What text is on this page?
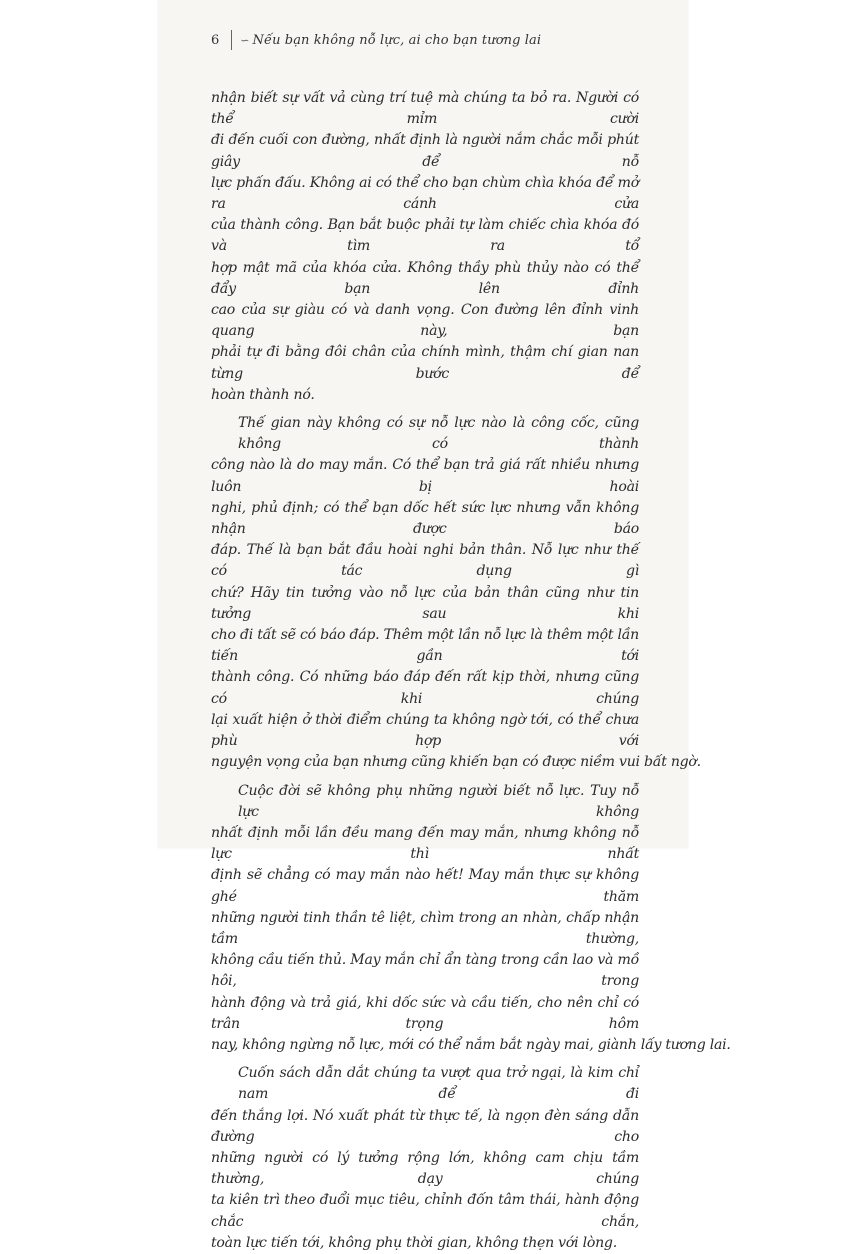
6 ∽ Nếu bạn không nỗ lực, ai cho bạn tương lai

nhận biết sự vất vả cùng trí tuệ mà chúng ta bỏ ra. Người có thể mỉm cười
đi đến cuối con đường, nhất định là người nắm chắc mỗi phút giây để nỗ
lực phấn đấu. Không ai có thể cho bạn chùm chìa khóa để mở ra cánh cửa
của thành công. Bạn bắt buộc phải tự làm chiếc chìa khóa đó và tìm ra tổ
hợp mật mã của khóa cửa. Không thầy phù thủy nào có thể đẩy bạn lên đỉnh
cao của sự giàu có và danh vọng. Con đường lên đỉnh vinh quang này, bạn
phải tự đi bằng đôi chân của chính mình, thậm chí gian nan từng bước để
hoàn thành nó.

Thế gian này không có sự nỗ lực nào là công cốc, cũng không có thành
công nào là do may mắn. Có thể bạn trả giá rất nhiều nhưng luôn bị hoài
nghi, phủ định; có thể bạn dốc hết sức lực nhưng vẫn không nhận được báo
đáp. Thế là bạn bắt đầu hoài nghi bản thân. Nỗ lực như thế có tác dụng gì
chứ? Hãy tin tưởng vào nỗ lực của bản thân cũng như tin tưởng sau khi
cho đi tất sẽ có báo đáp. Thêm một lần nỗ lực là thêm một lần tiến gần tới
thành công. Có những báo đáp đến rất kịp thời, nhưng cũng có khi chúng
lại xuất hiện ở thời điểm chúng ta không ngờ tới, có thể chưa phù hợp với
nguyện vọng của bạn nhưng cũng khiến bạn có được niềm vui bất ngờ.

Cuộc đời sẽ không phụ những người biết nỗ lực. Tuy nỗ lực không
nhất định mỗi lần đều mang đến may mắn, nhưng không nỗ lực thì nhất
định sẽ chẳng có may mắn nào hết! May mắn thực sự không ghé thăm
những người tinh thần tê liệt, chìm trong an nhàn, chấp nhận tầm thường,
không cầu tiến thủ. May mắn chỉ ẩn tàng trong cần lao và mồ hôi, trong
hành động và trả giá, khi dốc sức và cầu tiến, cho nên chỉ có trân trọng hôm
nay, không ngừng nỗ lực, mới có thể nắm bắt ngày mai, giành lấy tương lai.

Cuốn sách dẫn dắt chúng ta vượt qua trở ngại, là kim chỉ nam để đi
đến thắng lợi. Nó xuất phát từ thực tế, là ngọn đèn sáng dẫn đường cho
những người có lý tưởng rộng lớn, không cam chịu tầm thường, dạy chúng
ta kiên trì theo đuổi mục tiêu, chỉnh đốn tâm thái, hành động chắc chắn,
toàn lực tiến tới, không phụ thời gian, không thẹn với lòng.
